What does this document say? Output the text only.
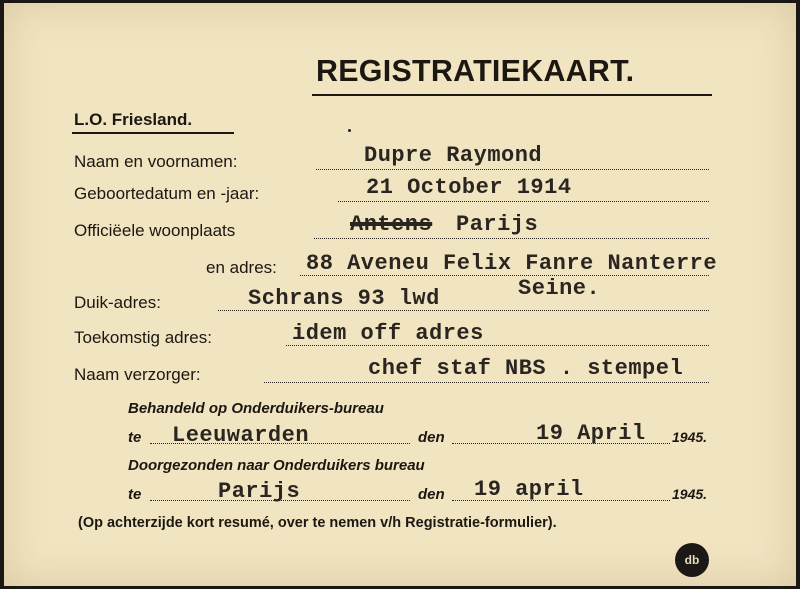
REGISTRATIEKAART.
L.O. Friesland.
Naam en voornamen:	Dupre Raymond
Geboortedatum en -jaar:	21 October 1914
Officiëele woonplaats	Antens Parijs
en adres: 88 Aveneu Felix Fanre Nanterre
Seine.
Duik-adres:	Schrans 93 lwd
Toekomstig adres:	idem off adres
Naam verzorger:	chef staf NBS . stempel
Behandeld op Onderduikers-bureau
te Leeuwarden	den	19 April 1945.
Doorgezonden naar Onderduikers bureau
te	Parijs	den 19 april	1945.
(Op achterzijde kort resumé, over te nemen v/h Registratie-formulier).
db
